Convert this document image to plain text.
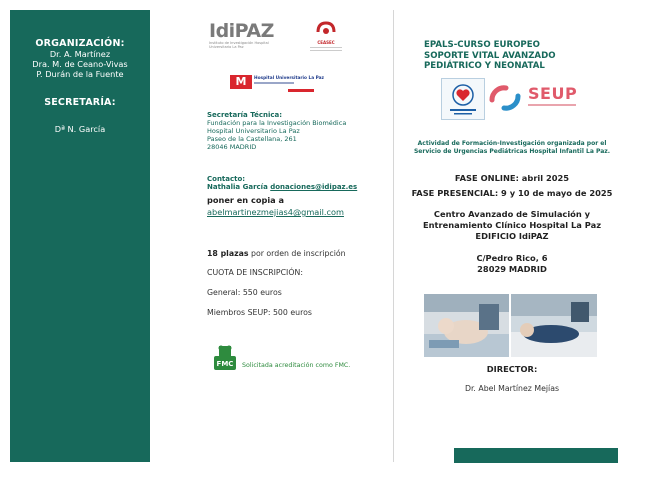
ORGANIZACIÓN:
Dr. A. Martínez
Dra. M. de Ceano-Vivas
P. Durán de la Fuente
SECRETARÍA:
Dª N. García
IdiPAZ
Instituto de Investigación Hospital Universitario La Paz
CEASEC
M	Hospital Universitario La Paz
Secretaría Técnica:
Fundación para la Investigación Biomédica
Hospital Universitario La Paz
Paseo de la Castellana, 261
28046 MADRID
Contacto:
Nathalia García donaciones@idipaz.es
poner en copia a
abelmartinezmejias4@gmail.com
18 plazas por orden de inscripción
CUOTA DE INSCRIPCIÓN:
General: 550 euros
Miembros SEUP: 500 euros
FMC Solicitada acreditación como FMC.
EPALS-CURSO EUROPEO
SOPORTE VITAL AVANZADO
PEDIÁTRICO Y NEONATAL
SEUP
Actividad de Formación-Investigación organizada por el
Servicio de Urgencias Pediátricas Hospital Infantil La Paz.
FASE ONLINE: abril 2025
FASE PRESENCIAL: 9 y 10 de mayo de 2025
Centro Avanzado de Simulación y
Entrenamiento Clínico Hospital La Paz
EDIFICIO IdiPAZ
C/Pedro Rico, 6
28029 MADRID
DIRECTOR:
Dr. Abel Martínez Mejías
